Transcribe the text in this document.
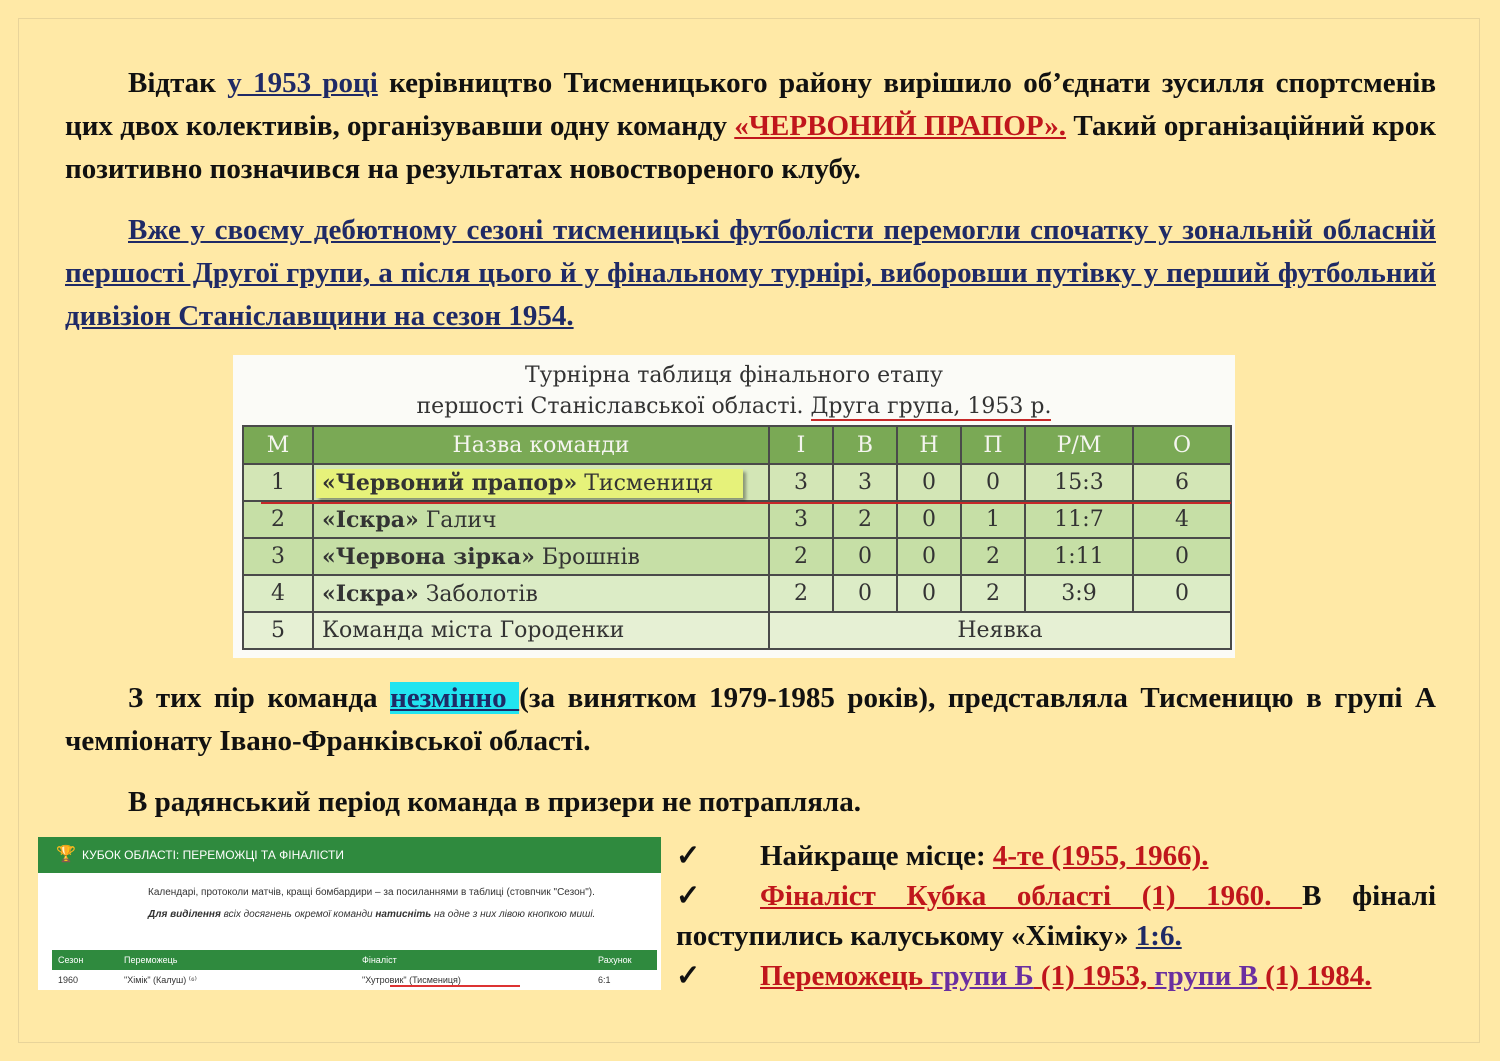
Відтак у 1953 році керівництво Тисменицького району вирішило об’єднати зусилля спортсменів цих двох колективів, організувавши одну команду «ЧЕРВОНИЙ ПРАПОР». Такий організаційний крок позитивно позначився на результатах новоствореного клубу.

Вже у своєму дебютному сезоні тисменицькі футболісти перемогли спочатку у зональній обласній першості Другої групи, а після цього й у фінальному турнірі, виборовши путівку у перший футбольний дивізіон Станіславщини на сезон 1954.

Турнірна таблиця фінального етапу
першості Станіславської області. Друга група, 1953 р.
М	Назва команди	І	В	Н	П	Р/М	О
1	«Червоний прапор» Тисмениця	3	3	0	0	15:3	6
2	«Іскра» Галич	3	2	0	1	11:7	4
3	«Червона зірка» Брошнів	2	0	0	2	1:11	0
4	«Іскра» Заболотів	2	0	0	2	3:9	0
5	Команда міста Городенки	Неявка					

З тих пір команда незмінно (за винятком 1979-1985 років), представляла Тисменицю в групі А чемпіонату Івано-Франківської області.

В радянський період команда в призери не потрапляла.

🏆 КУБОК ОБЛАСТІ: ПЕРЕМОЖЦІ ТА ФІНАЛІСТИ
Календарі, протоколи матчів, кращі бомбардири – за посиланнями в таблиці (стовпчик "Сезон").
Для виділення всіх досягнень окремої команди натисніть на одне з них лівою кнопкою миші.
Сезон	Переможець	Фіналіст	Рахунок
1960	"Хімік" (Калуш) ⁽⁶⁾	"Хутровик" (Тисмениця)	6:1
✓ Найкраще місце: 4-те (1955, 1966).
✓ Фіналіст Кубка області (1) 1960. В фіналі поступились калуському «Хіміку» 1:6.
✓ Переможець групи Б (1) 1953, групи В (1) 1984.
